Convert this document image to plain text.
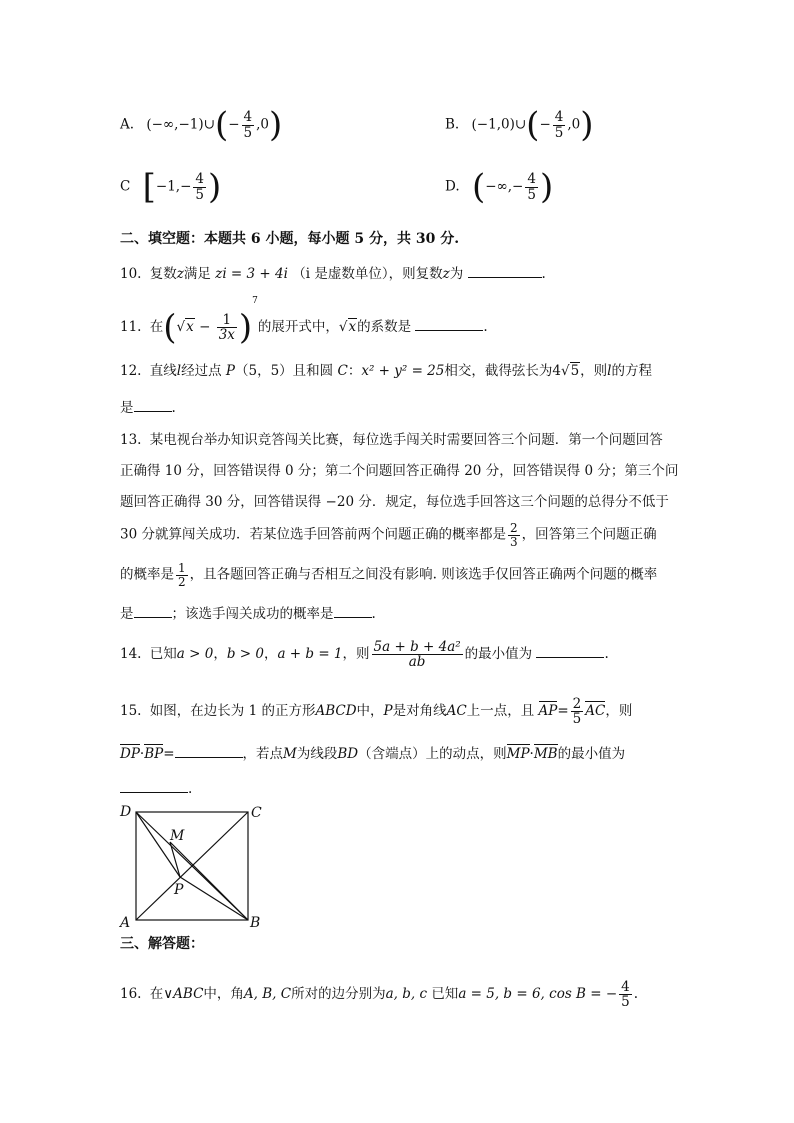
A. (−∞,−1)∪(− $\frac{4}{5} ,0$)	B. (−1,0)∪(− $\frac{4}{5} ,0$)
C [$-1,- \frac{4}{5}$ )	D. (−∞,− $\frac{4}{5}$ )
二、填空题：本题共 6 小题，每小题 5 分，共 30 分.
10. 复数z满足 zi = 3 + 4i （i 是虚数单位），则复数z为	.
11. 在$(√x - \frac{1}{3x} )^7$的展开式中，√x的系数是	.
12. 直线l经过点 P（5，5）且和圆 C：x² + y² = 25相交，截得弦长为4√5，则l的方程
是	.
13. 某电视台举办知识竞答闯关比赛，每位选手闯关时需要回答三个问题．第一个问题回答
正确得 10 分，回答错误得 0 分；第二个问题回答正确得 20 分，回答错误得 0 分；第三个问
题回答正确得 30 分，回答错误得 −20 分．规定，每位选手回答这三个问题的总得分不低于
30 分就算闯关成功．若某位选手回答前两个问题正确的概率都是 $\frac{2}{3}$ ，回答第三个问题正确
的概率是 $\frac{1}{2}$ ，且各题回答正确与否相互之间没有影响. 则该选手仅回答正确两个问题的概率
是	；该选手闯关成功的概率是	.
14. 已知a > 0，b > 0，a + b = 1，则 $\frac{\text{5a + b + 4a²}}{ab}$ 的最小值为	.
15. 如图，在边长为 1 的正方形ABCD中，P是对角线AC上一点，且 $AP= \frac{2}{5}$ AC，则
DP·BP=	，若点M为线段BD（含端点）上的动点，则MP·MB的最小值为
.
D	C
A	B
M
P
三、解答题：
16. 在∨ABC中，角A, B, C所对的边分别为a, b, c 已知a = 5, b = 6, cos B = − $\frac{4}{5}$ .
